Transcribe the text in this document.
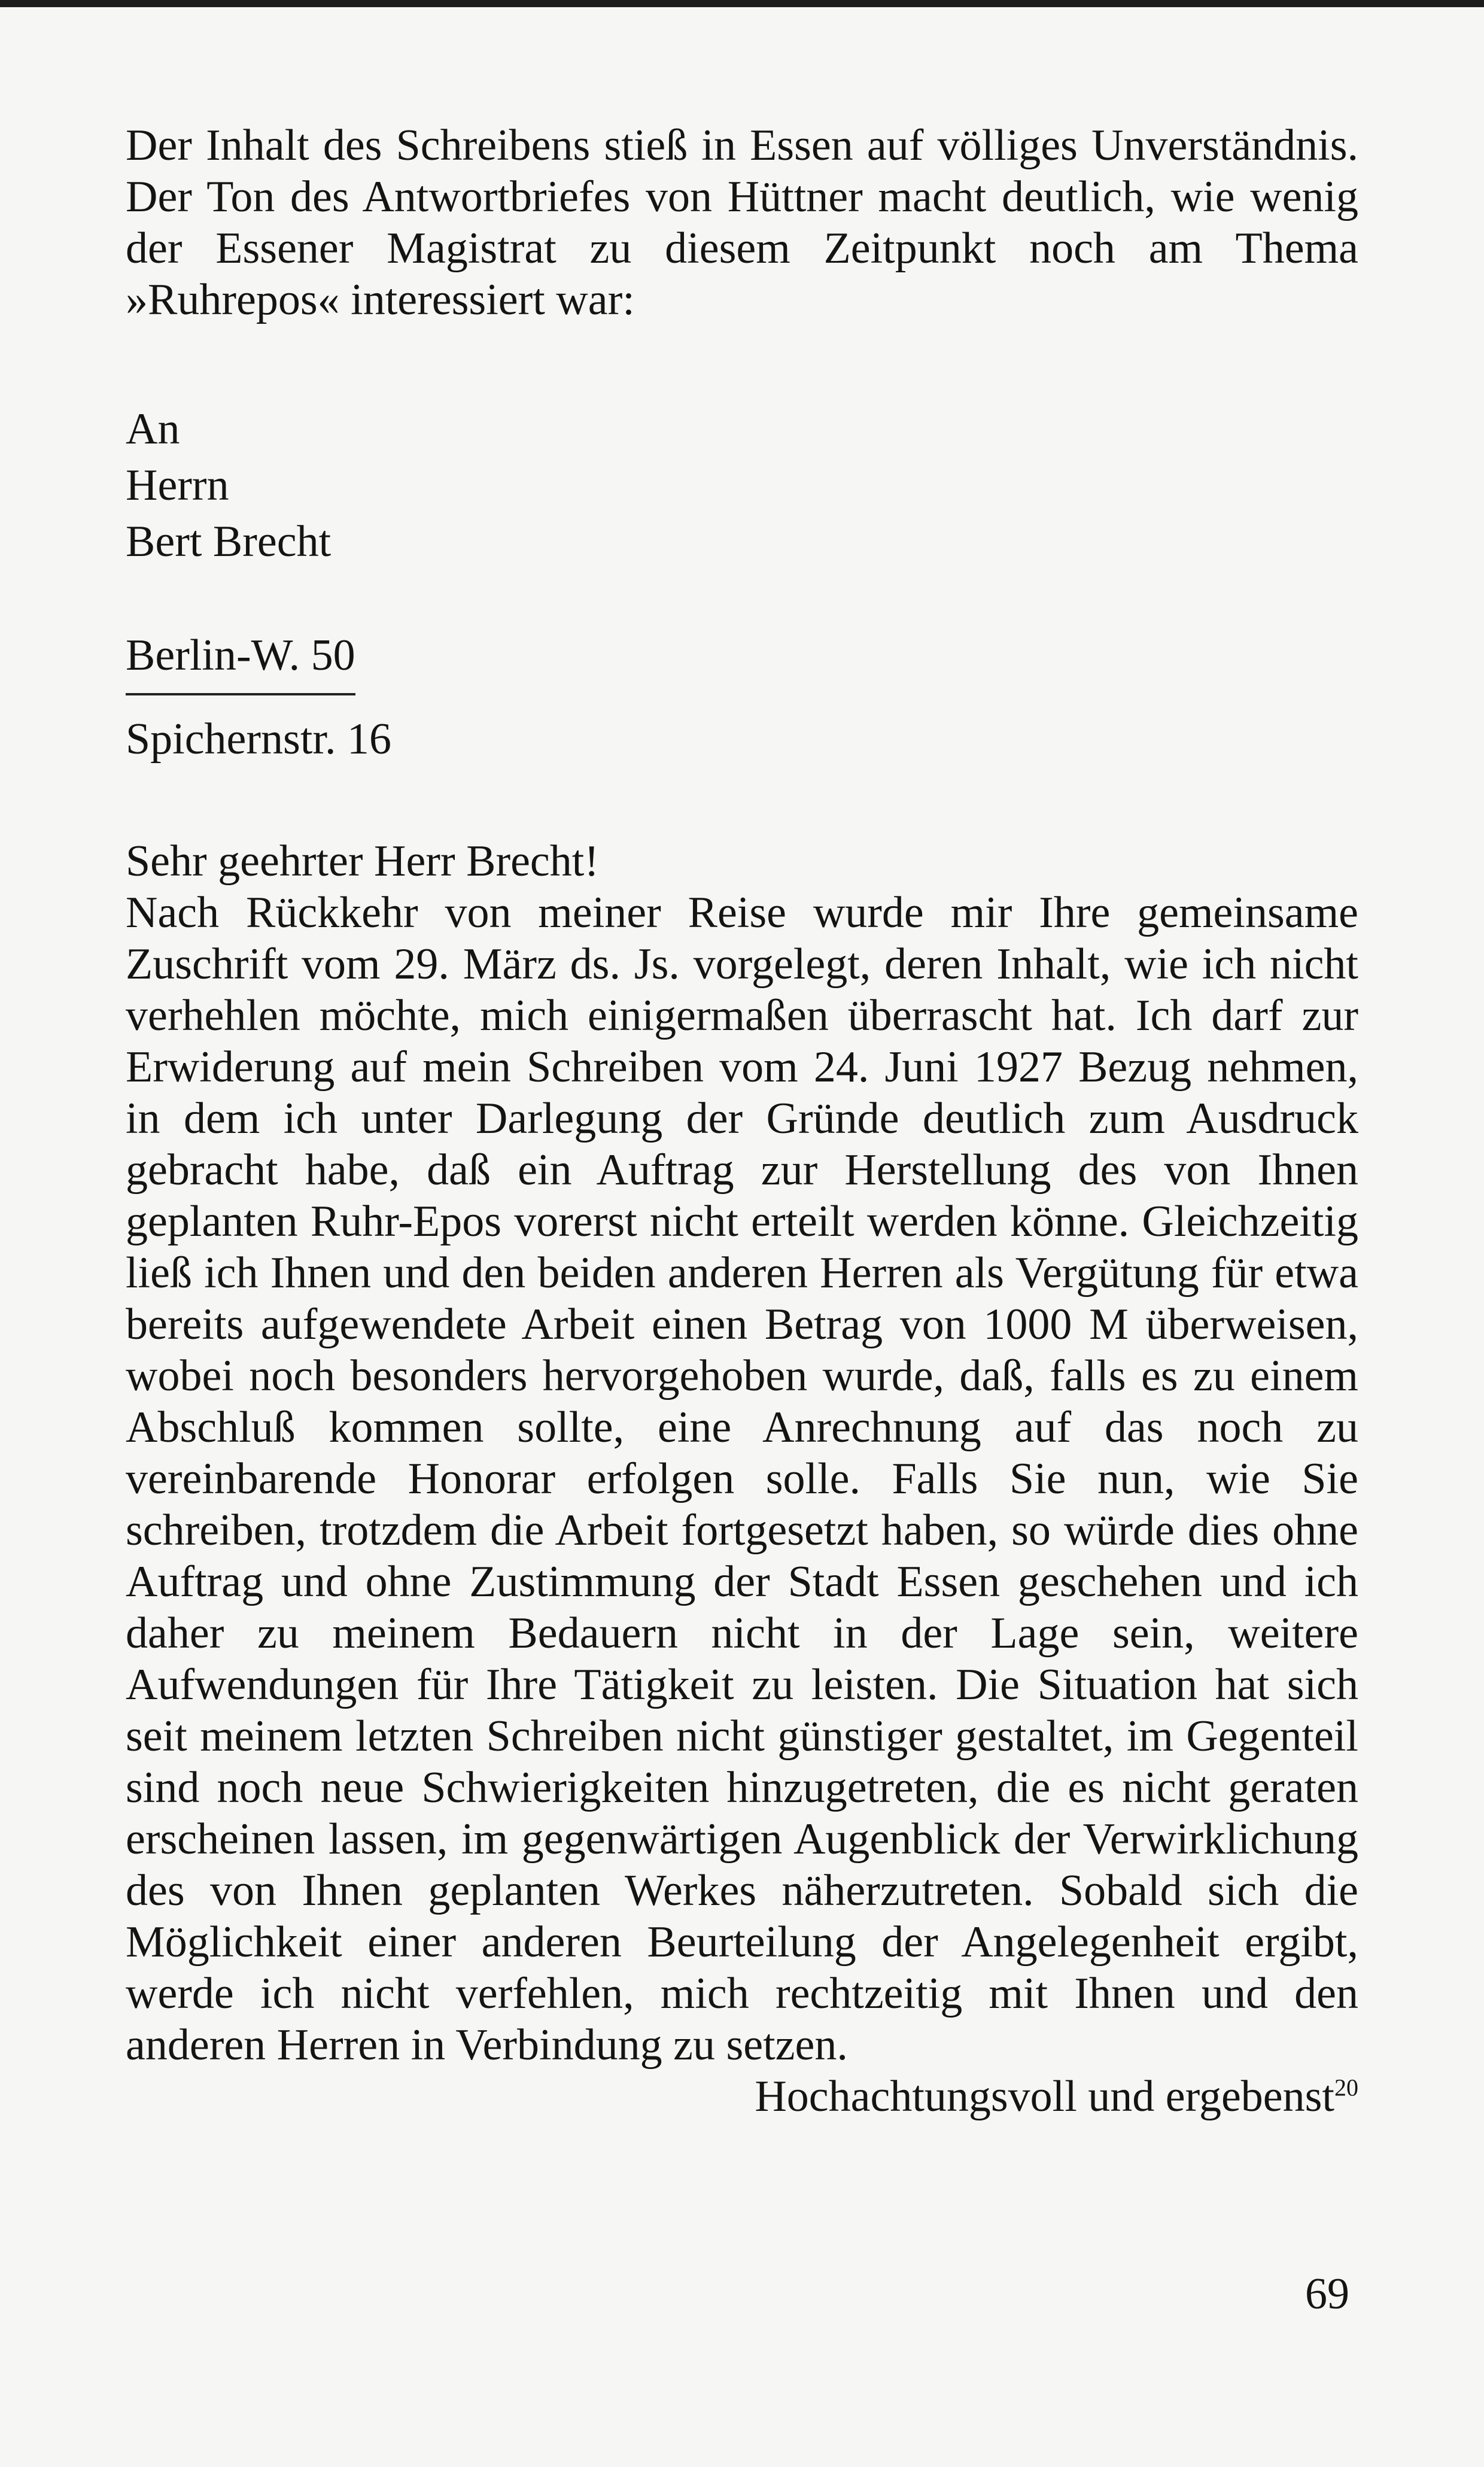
Der Inhalt des Schreibens stieß in Essen auf völliges Unverständnis. Der Ton des Antwortbriefes von Hüttner macht deutlich, wie wenig der Essener Magistrat zu diesem Zeitpunkt noch am Thema »Ruhrepos« interessiert war:

An
Herrn
Bert Brecht
Berlin-W. 50
Spichernstr. 16
Sehr geehrter Herr Brecht!

Nach Rückkehr von meiner Reise wurde mir Ihre gemeinsame Zuschrift vom 29. März ds. Js. vorgelegt, deren Inhalt, wie ich nicht verhehlen möchte, mich einigermaßen überrascht hat. Ich darf zur Erwiderung auf mein Schreiben vom 24. Juni 1927 Bezug nehmen, in dem ich unter Darlegung der Gründe deutlich zum Ausdruck gebracht habe, daß ein Auftrag zur Herstellung des von Ihnen geplanten Ruhr-Epos vorerst nicht erteilt werden könne. Gleichzeitig ließ ich Ihnen und den beiden anderen Herren als Vergütung für etwa bereits aufgewendete Arbeit einen Betrag von 1000 M überweisen, wobei noch besonders hervorgehoben wurde, daß, falls es zu einem Abschluß kommen sollte, eine Anrechnung auf das noch zu vereinbarende Honorar erfolgen solle. Falls Sie nun, wie Sie schreiben, trotzdem die Arbeit fortgesetzt haben, so würde dies ohne Auftrag und ohne Zustimmung der Stadt Essen geschehen und ich daher zu meinem Bedauern nicht in der Lage sein, weitere Aufwendungen für Ihre Tätigkeit zu leisten. Die Situation hat sich seit meinem letzten Schreiben nicht günstiger gestaltet, im Gegenteil sind noch neue Schwierigkeiten hinzugetreten, die es nicht geraten erscheinen lassen, im gegenwärtigen Augenblick der Verwirklichung des von Ihnen geplanten Werkes näherzutreten. Sobald sich die Möglichkeit einer anderen Beurteilung der Angelegenheit ergibt, werde ich nicht verfehlen, mich rechtzeitig mit Ihnen und den anderen Herren in Verbindung zu setzen.

Hochachtungsvoll und ergebenst$^{20}$
69
